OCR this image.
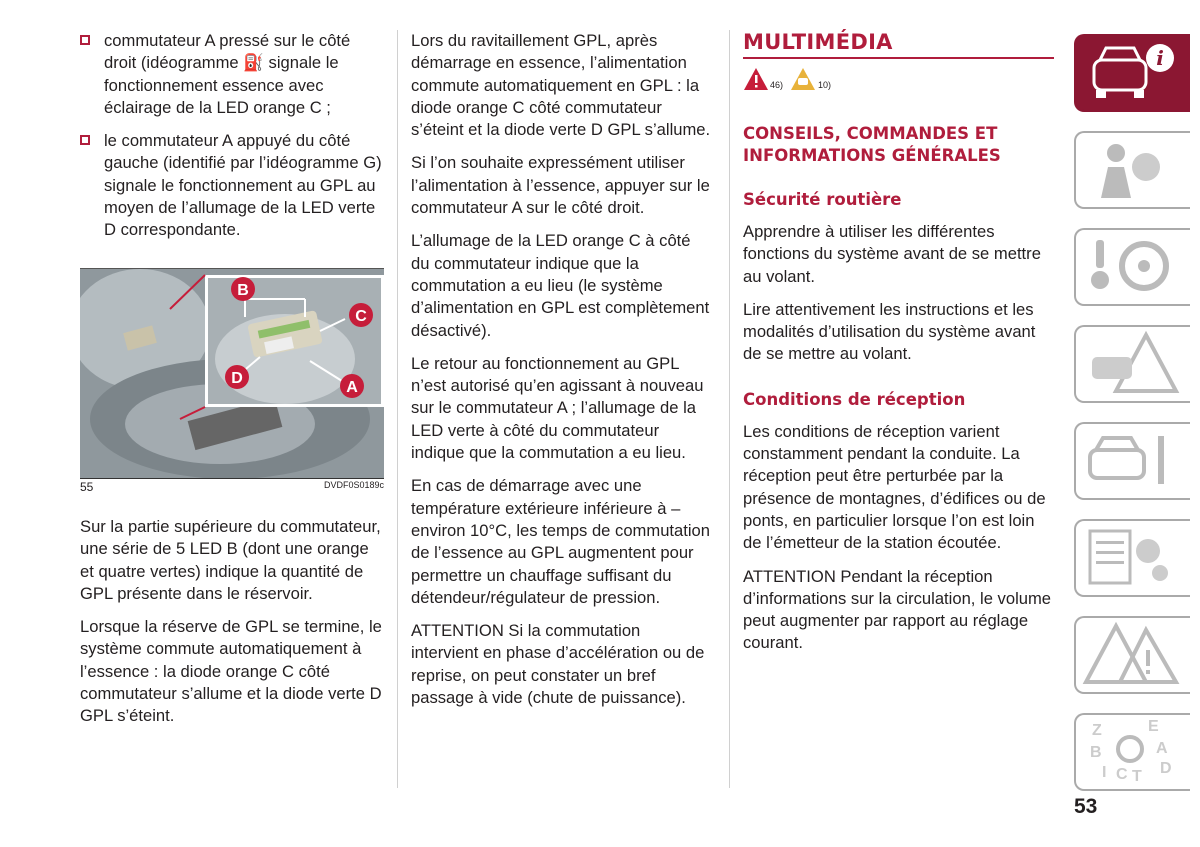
commutateur A pressé sur le côté droit (idéogramme ⛽ signale le fonctionnement essence avec éclairage de la LED orange C ;
le commutateur A appuyé du côté gauche (identifié par l’idéogramme G) signale le fonctionnement au GPL au moyen de l’allumage de la LED verte D correspondante.
B
C
D
A
55	DVDF0S0189c

Sur la partie supérieure du commutateur, une série de 5 LED B (dont une orange et quatre vertes) indique la quantité de GPL présente dans le réservoir.

Lorsque la réserve de GPL se termine, le système commute automatiquement à l’essence : la diode orange C côté commutateur s’allume et la diode verte D GPL s’éteint.

Lors du ravitaillement GPL, après démarrage en essence, l’alimentation commute automatiquement en GPL : la diode orange C côté commutateur s’éteint et la diode verte D GPL s’allume.

Si l’on souhaite expressément utiliser l’alimentation à l’essence, appuyer sur le commutateur A sur le côté droit.

L’allumage de la LED orange C à côté du commutateur indique que la commutation a eu lieu (le système d’alimentation en GPL est complètement désactivé).

Le retour au fonctionnement au GPL n’est autorisé qu’en agissant à nouveau sur le commutateur A ; l’allumage de la LED verte à côté du commutateur indique que la commutation a eu lieu.

En cas de démarrage avec une température extérieure inférieure à –environ 10°C, les temps de commutation de l’essence au GPL augmentent pour permettre un chauffage suffisant du détendeur/régulateur de pression.

ATTENTION Si la commutation intervient en phase d’accélération ou de reprise, on peut constater un bref passage à vide (chute de puissance).

MULTIMÉDIA
46)	10)
CONSEILS, COMMANDES ET INFORMATIONS GÉNÉRALES
Sécurité routière

Apprendre à utiliser les différentes fonctions du système avant de se mettre au volant.

Lire attentivement les instructions et les modalités d’utilisation du système avant de se mettre au volant.

Conditions de réception

Les conditions de réception varient constamment pendant la conduite. La réception peut être perturbée par la présence de montagnes, d’édifices ou de ponts, en particulier lorsque l’on est loin de l’émetteur de la station écoutée.

ATTENTION Pendant la réception d’informations sur la circulation, le volume peut augmenter par rapport au réglage courant.

i
Z	E
B	A
I C T D
53
